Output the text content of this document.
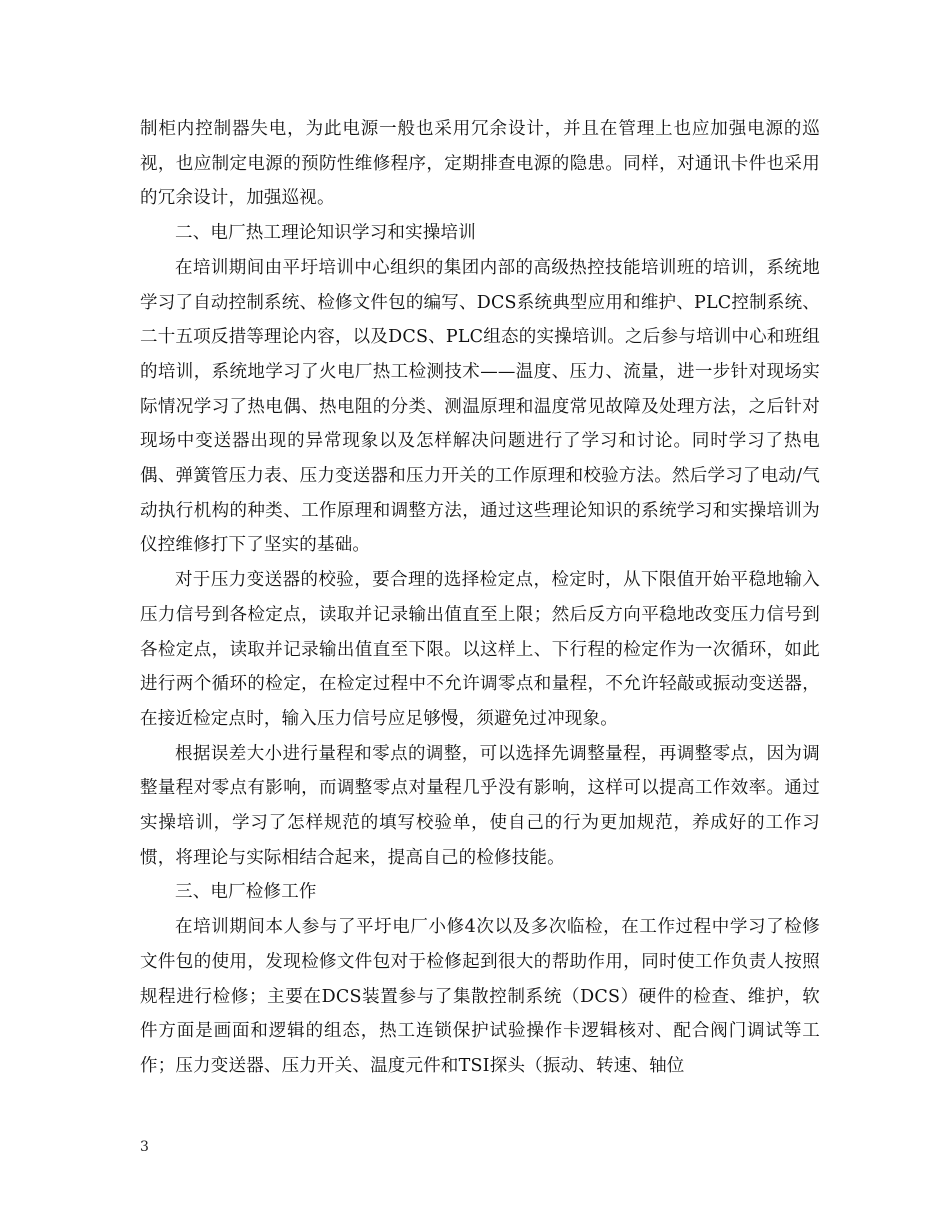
制柜内控制器失电，为此电源一般也采用冗余设计，并且在管理上也应加强电源的巡视，也应制定电源的预防性维修程序，定期排查电源的隐患。同样，对通讯卡件也采用的冗余设计，加强巡视。

二、电厂热工理论知识学习和实操培训

在培训期间由平圩培训中心组织的集团内部的高级热控技能培训班的培训，系统地学习了自动控制系统、检修文件包的编写、DCS系统典型应用和维护、PLC控制系统、二十五项反措等理论内容，以及DCS、PLC组态的实操培训。之后参与培训中心和班组的培训，系统地学习了火电厂热工检测技术——温度、压力、流量，进一步针对现场实际情况学习了热电偶、热电阻的分类、测温原理和温度常见故障及处理方法，之后针对现场中变送器出现的异常现象以及怎样解决问题进行了学习和讨论。同时学习了热电偶、弹簧管压力表、压力变送器和压力开关的工作原理和校验方法。然后学习了电动/气动执行机构的种类、工作原理和调整方法，通过这些理论知识的系统学习和实操培训为仪控维修打下了坚实的基础。

对于压力变送器的校验，要合理的选择检定点，检定时，从下限值开始平稳地输入压力信号到各检定点，读取并记录输出值直至上限；然后反方向平稳地改变压力信号到各检定点，读取并记录输出值直至下限。以这样上、下行程的检定作为一次循环，如此进行两个循环的检定，在检定过程中不允许调零点和量程，不允许轻敲或振动变送器，在接近检定点时，输入压力信号应足够慢，须避免过冲现象。

根据误差大小进行量程和零点的调整，可以选择先调整量程，再调整零点，因为调整量程对零点有影响，而调整零点对量程几乎没有影响，这样可以提高工作效率。通过实操培训，学习了怎样规范的填写校验单，使自己的行为更加规范，养成好的工作习惯，将理论与实际相结合起来，提高自己的检修技能。

三、电厂检修工作

在培训期间本人参与了平圩电厂小修4次以及多次临检，在工作过程中学习了检修文件包的使用，发现检修文件包对于检修起到很大的帮助作用，同时使工作负责人按照规程进行检修；主要在DCS装置参与了集散控制系统（DCS）硬件的检查、维护，软件方面是画面和逻辑的组态，热工连锁保护试验操作卡逻辑核对、配合阀门调试等工作；压力变送器、压力开关、温度元件和TSI探头（振动、转速、轴位

3
